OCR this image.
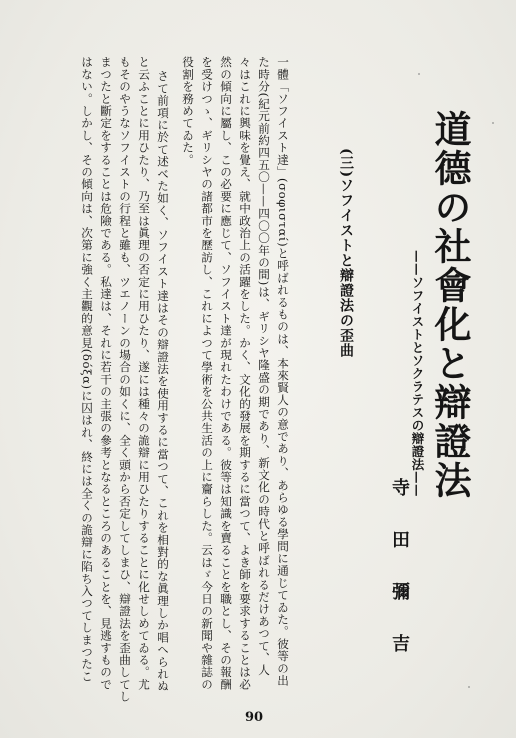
道德の社會化と辯證法
——ソフイストとソクラテスの辯證法——
寺田彌吉
(三)ソフイストと辯證法の歪曲
一體「ソフイスト達」(σοφισταί)と呼ばれるものは、本來賢人の意であり、あらゆる學問に通じてゐた。彼等の出
た時分(紀元前約四五〇——四〇〇年の間)は、ギリシヤ隆盛の期であり、新文化の時代と呼ばれるだけあつて、人
々はこれに興味を覺え、就中政治上の活躍をした。かく、文化的發展を期するに當つて、よき師を要求することは必
然の傾向に屬し、この必要に應じて、ソフイスト達が現れたわけである。彼等は知識を賣ることを職とし、その報酬
を受けつゝ、ギリシヤの諸都市を歷訪し、これによつて學術を公共生活の上に齎らした。云はゞ今日の新聞や雜誌の
役割を務めてゐた。
さて前項に於て述べた如く、ソフイスト達はその辯證法を使用するに當つて、これを相對的な眞理しか唱へられぬ
と云ふことに用ひたり、乃至は眞理の否定に用ひたり、遂には種々の詭辯に用ひたりすることに化せしめてゐる。尤
もそのやうなソフイストの行程と雖も、ツエノーンの場合の如くに、全く頭から否定してしまひ、辯證法を歪曲してし
まつたと斷定をすることは危險である。私達は、それに若干の主張の參考となるところのあることを、見逃すもので
はない。しかし、その傾向は、次第に強く主觀的意見(δόξα)に囚はれ、終には全くの詭辯に陷ち入つてしまつたこ
90
